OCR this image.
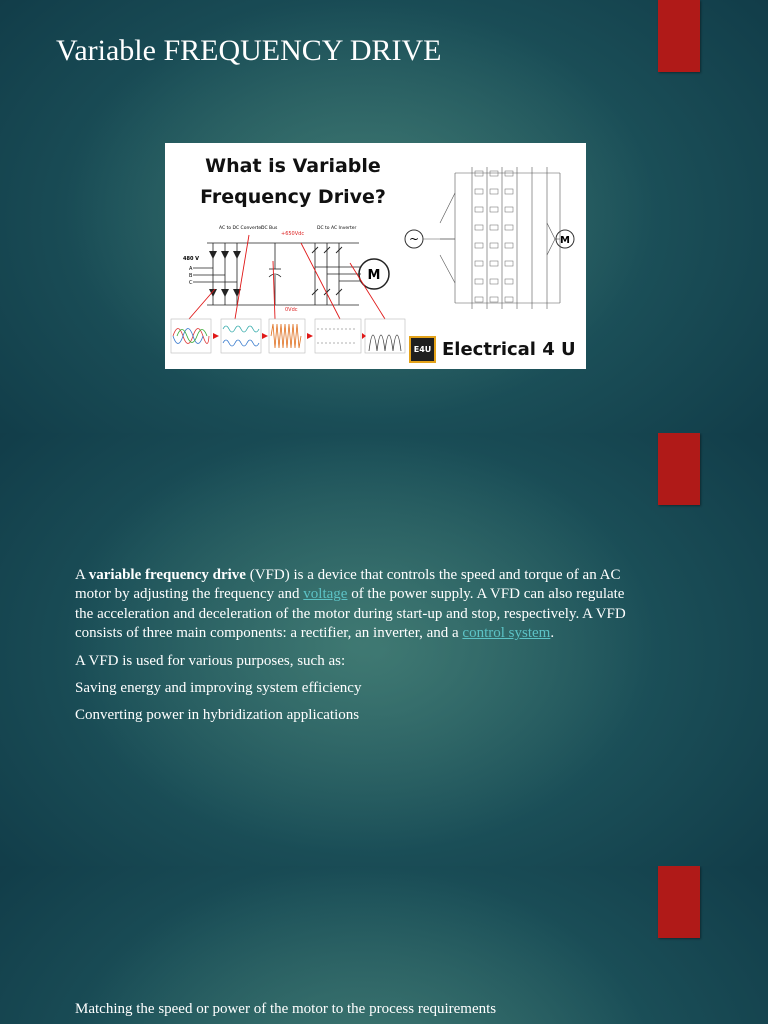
Variable FREQUENCY DRIVE
What is Variable Frequency Drive?
AC to DC Converter
DC Bus	DC to AC Inverter
480 V
A
B
C
+650Vdc
0Vdc
M
~	M
E4U Electrical 4 U

A variable frequency drive (VFD) is a device that controls the speed and torque of an AC motor by adjusting the frequency and voltage of the power supply. A VFD can also regulate the acceleration and deceleration of the motor during start-up and stop, respectively. A VFD consists of three main components: a rectifier, an inverter, and a control system.

A VFD is used for various purposes, such as:

Saving energy and improving system efficiency

Converting power in hybridization applications

Matching the speed or power of the motor to the process requirements
